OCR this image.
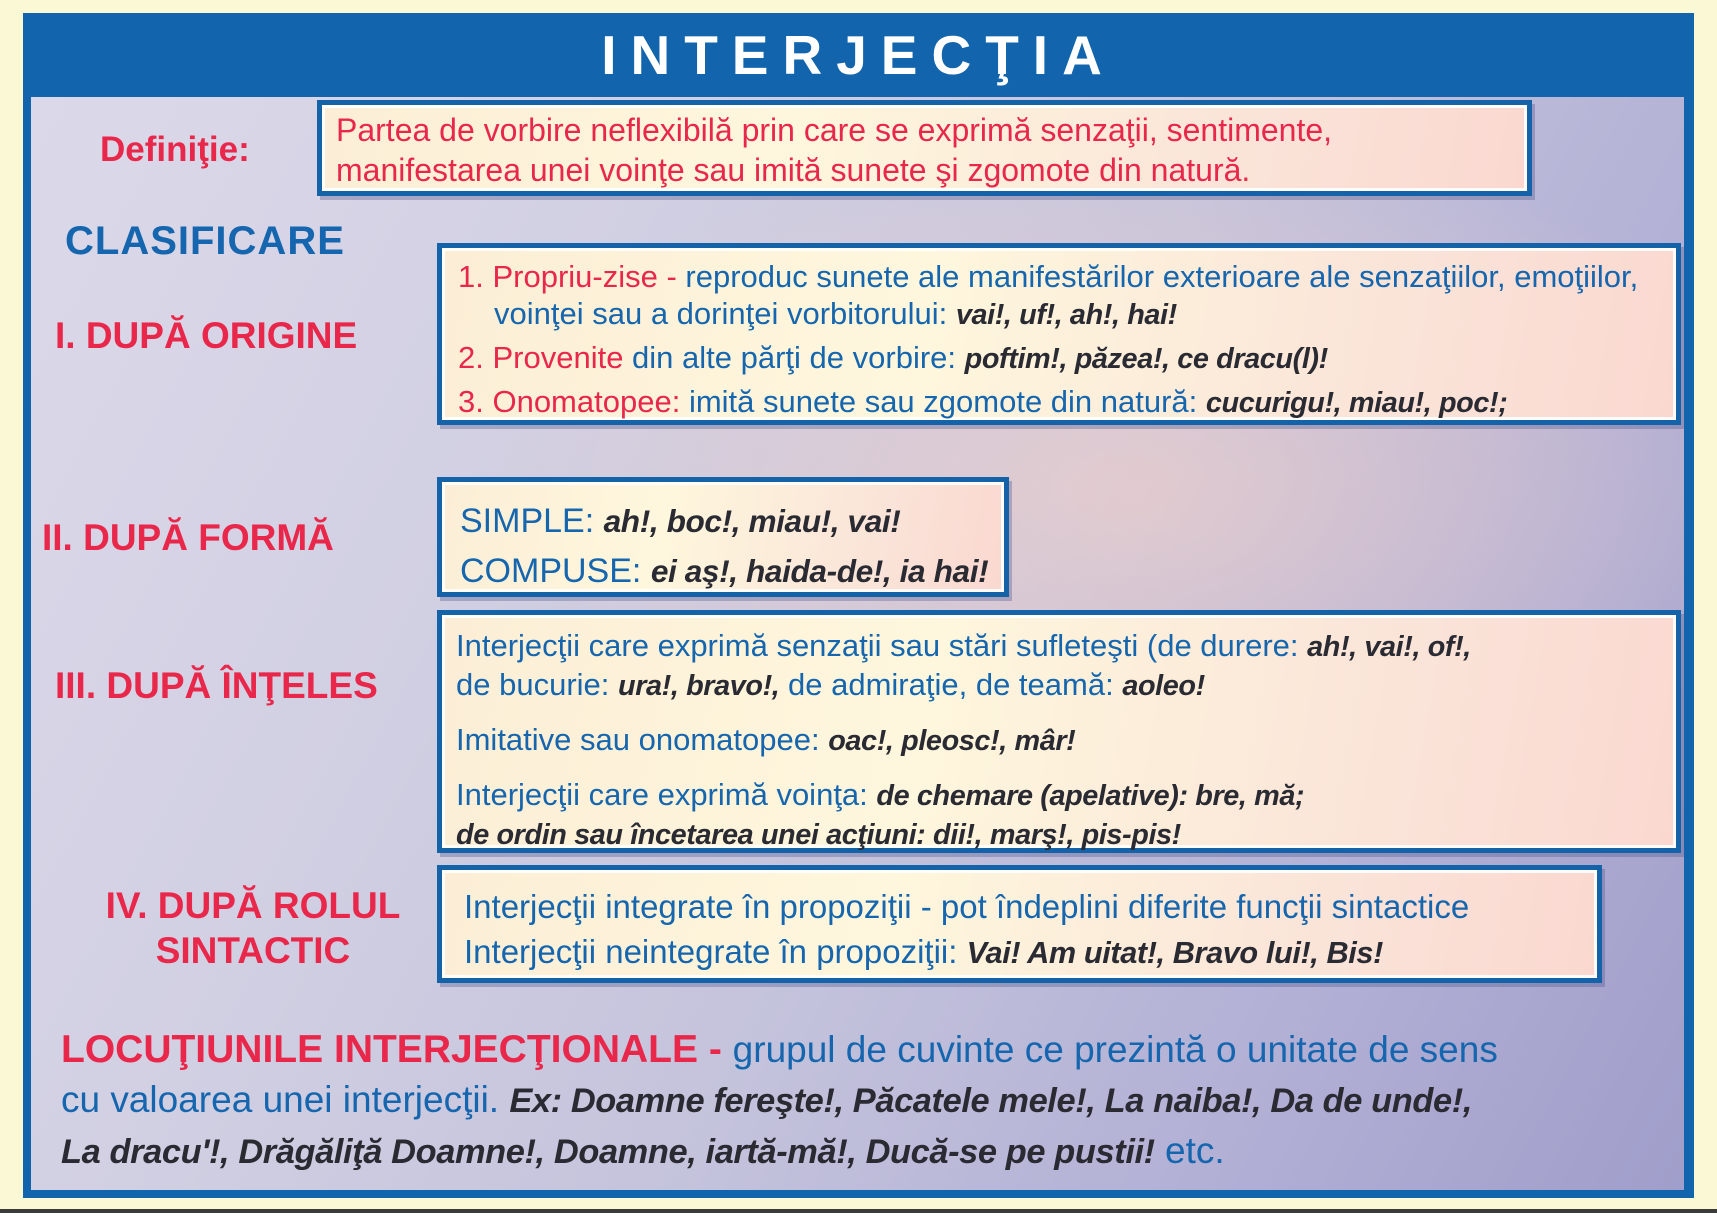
INTERJECŢIA
Definiţie:	Partea de vorbire neflexibilă prin care se exprimă senzaţii, sentimente,
manifestarea unei voinţe sau imită sunete şi zgomote din natură.
CLASIFICARE
I. DUPĂ ORIGINE

1. Propriu-zise - reproduc sunete ale manifestărilor exterioare ale senzaţiilor, emoţiilor, voinţei sau a dorinţei vorbitorului: vai!, uf!, ah!, hai!

2. Provenite din alte părţi de vorbire: poftim!, păzea!, ce dracu(l)!

3. Onomatopee: imită sunete sau zgomote din natură: cucurigu!, miau!, poc!;

II. DUPĂ FORMĂ	SIMPLE: ah!, boc!, miau!, vai!
COMPUSE: ei aş!, haida-de!, ia hai!
III. DUPĂ ÎNŢELES
Interjecţii care exprimă senzaţii sau stări sufleteşti (de durere: ah!, vai!, of!,
de bucurie: ura!, bravo!, de admiraţie, de teamă: aoleo!
Imitative sau onomatopee: oac!, pleosc!, mâr!
Interjecţii care exprimă voinţa: de chemare (apelative): bre, mă;
de ordin sau încetarea unei acţiuni: dii!, marş!, pis-pis!
IV. DUPĂ ROLUL
SINTACTIC
Interjecţii integrate în propoziţii - pot îndeplini diferite funcţii sintactice
Interjecţii neintegrate în propoziţii: Vai! Am uitat!, Bravo lui!, Bis!
LOCUŢIUNILE INTERJECŢIONALE - grupul de cuvinte ce prezintă o unitate de sens
cu valoarea unei interjecţii. Ex: Doamne fereşte!, Păcatele mele!, La naiba!, Da de unde!,
La dracu'!, Drăgăliţă Doamne!, Doamne, iartă-mă!, Ducă-se pe pustii! etc.
